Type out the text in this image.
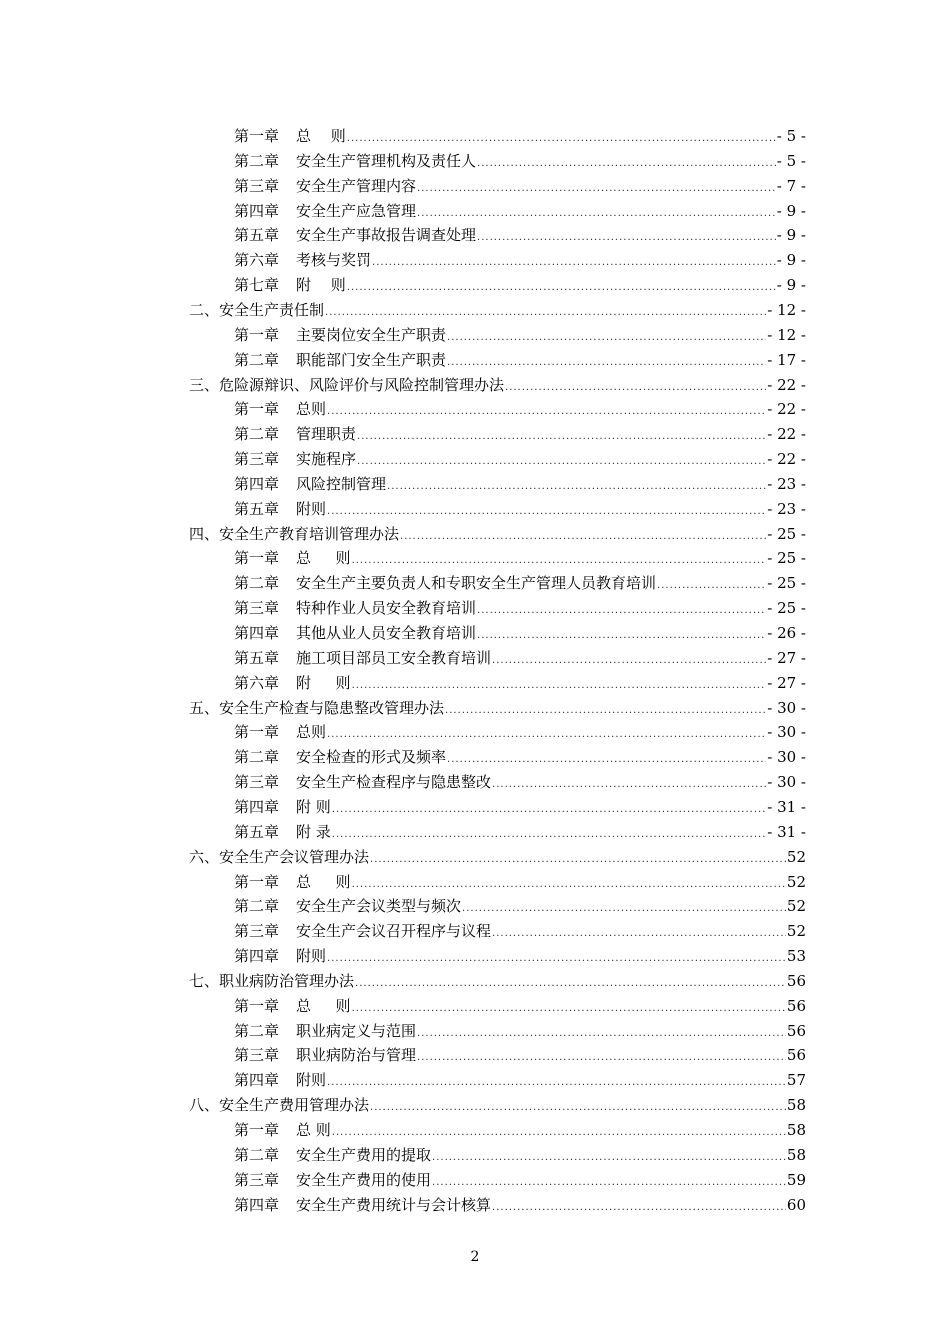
第一章 总　 则 .....	- 5 -
第二章 安全生产管理机构及责任人 .....	- 5 -
第三章 安全生产管理内容 .....	- 7 -
第四章 安全生产应急管理 .....	- 9 -
第五章 安全生产事故报告调查处理 .....	- 9 -
第六章 考核与奖罚 .....	- 9 -
第七章 附　 则 .....	- 9 -
二、安全生产责任制 .....	- 12 -
第一章 主要岗位安全生产职责 .....	- 12 -
第二章 职能部门安全生产职责 .....	- 17 -
三、危险源辩识、风险评价与风险控制管理办法 .....	- 22 -
第一章 总则 .....	- 22 -
第二章 管理职责 .....	- 22 -
第三章 实施程序 .....	- 22 -
第四章 风险控制管理 .....	- 23 -
第五章 附则 .....	- 23 -
四、安全生产教育培训管理办法 .....	- 25 -
第一章 总　  则 .....	- 25 -
第二章 安全生产主要负责人和专职安全生产管理人员教育培训 .....	- 25 -
第三章 特种作业人员安全教育培训 .....	- 25 -
第四章 其他从业人员安全教育培训 .....	- 26 -
第五章 施工项目部员工安全教育培训 .....	- 27 -
第六章 附　  则 .....	- 27 -
五、安全生产检查与隐患整改管理办法 .....	- 30 -
第一章 总则 .....	- 30 -
第二章 安全检查的形式及频率 .....	- 30 -
第三章 安全生产检查程序与隐患整改 .....	- 30 -
第四章 附 则 .....	- 31 -
第五章 附 录 .....	- 31 -
六、安全生产会议管理办法 .....	52
第一章 总　  则 .....	52
第二章 安全生产会议类型与频次 .....	52
第三章 安全生产会议召开程序与议程 .....	52
第四章 附则 .....	53
七、职业病防治管理办法 .....	56
第一章 总　  则 .....	56
第二章 职业病定义与范围 .....	56
第三章 职业病防治与管理 .....	56
第四章 附则 .....	57
八、安全生产费用管理办法 .....	58
第一章 总 则 .....	58
第二章 安全生产费用的提取 .....	58
第三章 安全生产费用的使用 .....	59
第四章 安全生产费用统计与会计核算 .....	60
2
